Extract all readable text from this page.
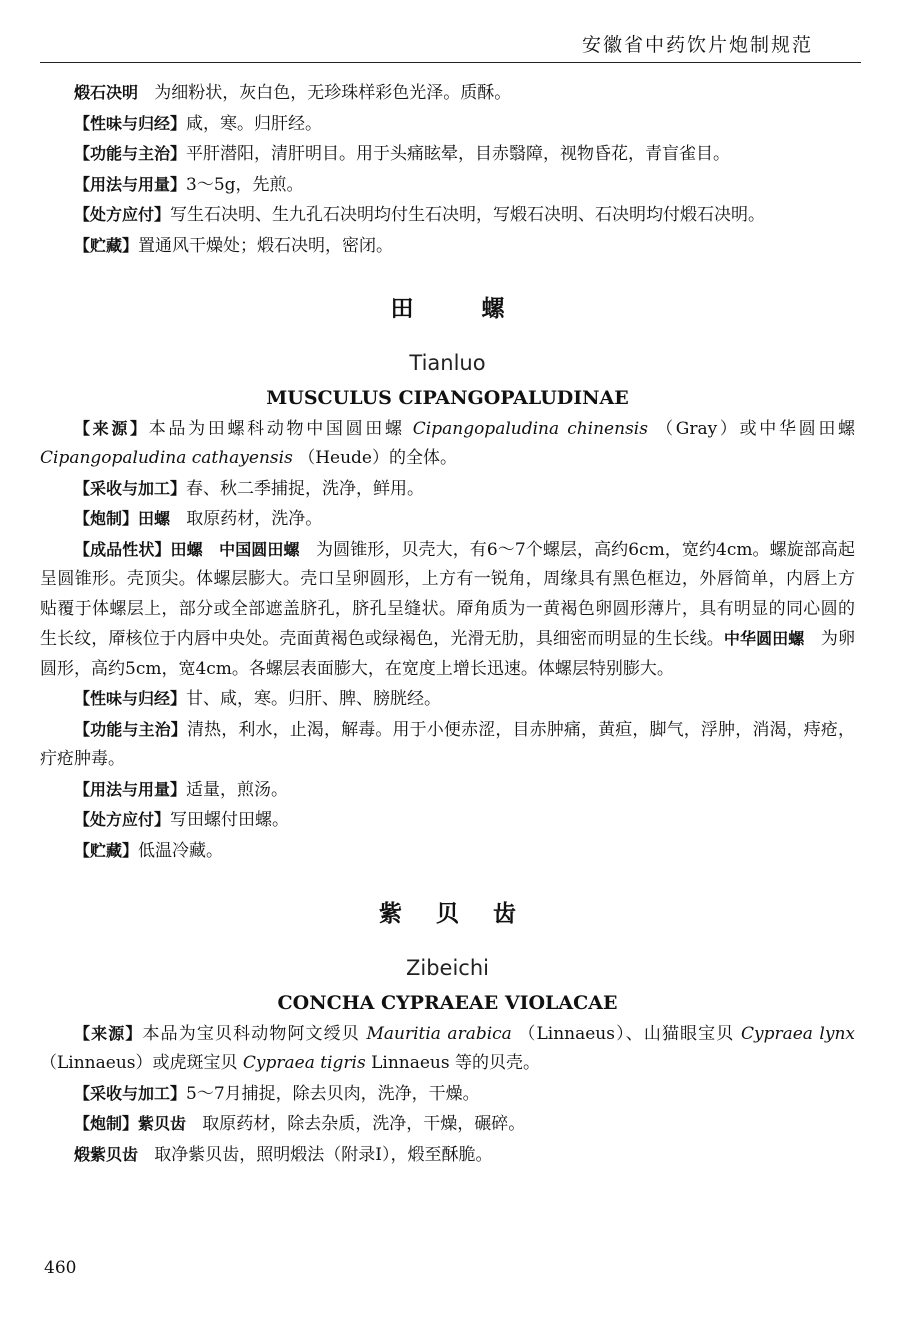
安徽省中药饮片炮制规范

煅石决明 为细粉状，灰白色，无珍珠样彩色光泽。质酥。

【性味与归经】咸，寒。归肝经。

【功能与主治】平肝潜阳，清肝明目。用于头痛眩晕，目赤翳障，视物昏花，青盲雀目。

【用法与用量】3～5g，先煎。

【处方应付】写生石决明、生九孔石决明均付生石决明，写煅石决明、石决明均付煅石决明。

【贮藏】置通风干燥处；煅石决明，密闭。

田	螺

Tianluo

MUSCULUS CIPANGOPALUDINAE

【来源】本品为田螺科动物中国圆田螺 Cipangopaludina chinensis （Gray）或中华圆田螺 Cipangopaludina cathayensis （Heude）的全体。

【采收与加工】春、秋二季捕捉，洗净，鲜用。

【炮制】田螺 取原药材，洗净。

【成品性状】田螺 中国圆田螺 为圆锥形，贝壳大，有6～7个螺层，高约6cm，宽约4cm。螺旋部高起呈圆锥形。壳顶尖。体螺层膨大。壳口呈卵圆形，上方有一锐角，周缘具有黑色框边，外唇简单，内唇上方贴覆于体螺层上，部分或全部遮盖脐孔，脐孔呈缝状。厣角质为一黄褐色卵圆形薄片，具有明显的同心圆的生长纹，厣核位于内唇中央处。壳面黄褐色或绿褐色，光滑无肋，具细密而明显的生长线。中华圆田螺 为卵圆形，高约5cm，宽4cm。各螺层表面膨大，在宽度上增长迅速。体螺层特别膨大。

【性味与归经】甘、咸，寒。归肝、脾、膀胱经。

【功能与主治】清热，利水，止渴，解毒。用于小便赤涩，目赤肿痛，黄疸，脚气，浮肿，消渴，痔疮，疔疮肿毒。

【用法与用量】适量，煎汤。

【处方应付】写田螺付田螺。

【贮藏】低温冷藏。

紫 贝 齿

Zibeichi

CONCHA CYPRAEAE VIOLACAE

【来源】本品为宝贝科动物阿文绶贝 Mauritia arabica （Linnaeus）、山猫眼宝贝 Cypraea lynx （Linnaeus）或虎斑宝贝 Cypraea tigris Linnaeus 等的贝壳。

【采收与加工】5～7月捕捉，除去贝肉，洗净，干燥。

【炮制】紫贝齿 取原药材，除去杂质，洗净，干燥，碾碎。

煅紫贝齿 取净紫贝齿，照明煅法（附录Ⅰ），煅至酥脆。

460
